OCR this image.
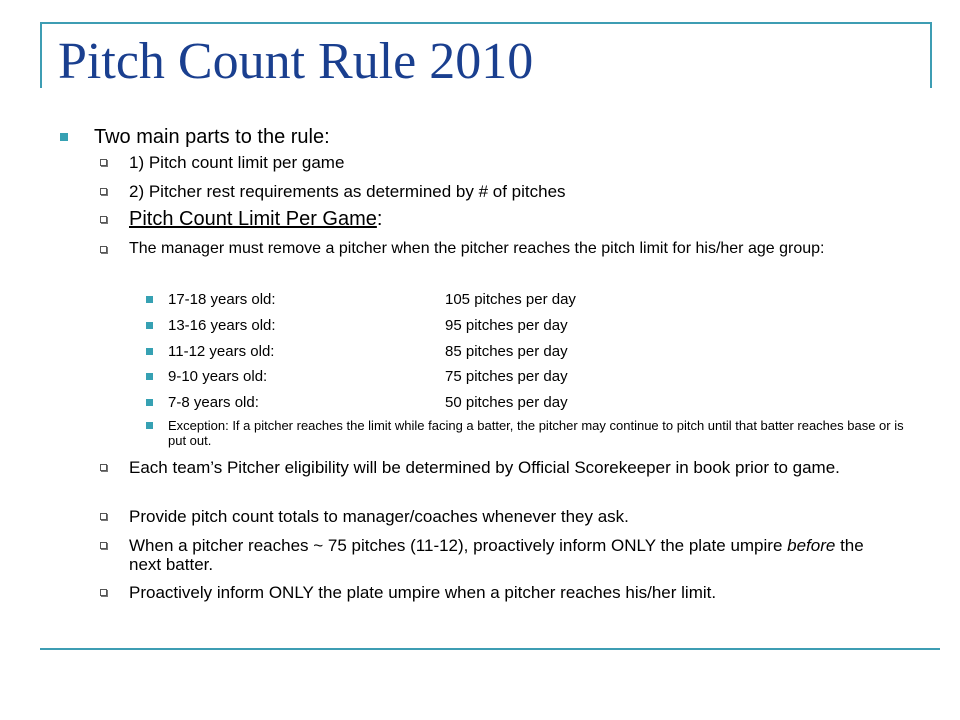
Pitch Count Rule 2010
Two main parts to the rule:
1) Pitch count limit per game
2) Pitcher rest requirements as determined by # of pitches
Pitch Count Limit Per Game:
The manager must remove a pitcher when the pitcher reaches the pitch limit for his/her age group:
17-18 years old:	105 pitches per day
13-16 years old:	95 pitches per day
11-12 years old:	85 pitches per day
9-10 years old:	75 pitches per day
7-8 years old:	50 pitches per day
Exception: If a pitcher reaches the limit while facing a batter, the pitcher may continue to pitch until that batter reaches base or is put out.
Each team’s Pitcher eligibility will be determined by Official Scorekeeper in book prior to game.
Provide pitch count totals to manager/coaches whenever they ask.
When a pitcher reaches ~ 75 pitches (11-12), proactively inform ONLY the plate umpire before the next batter.
Proactively inform ONLY the plate umpire when a pitcher reaches his/her limit.
